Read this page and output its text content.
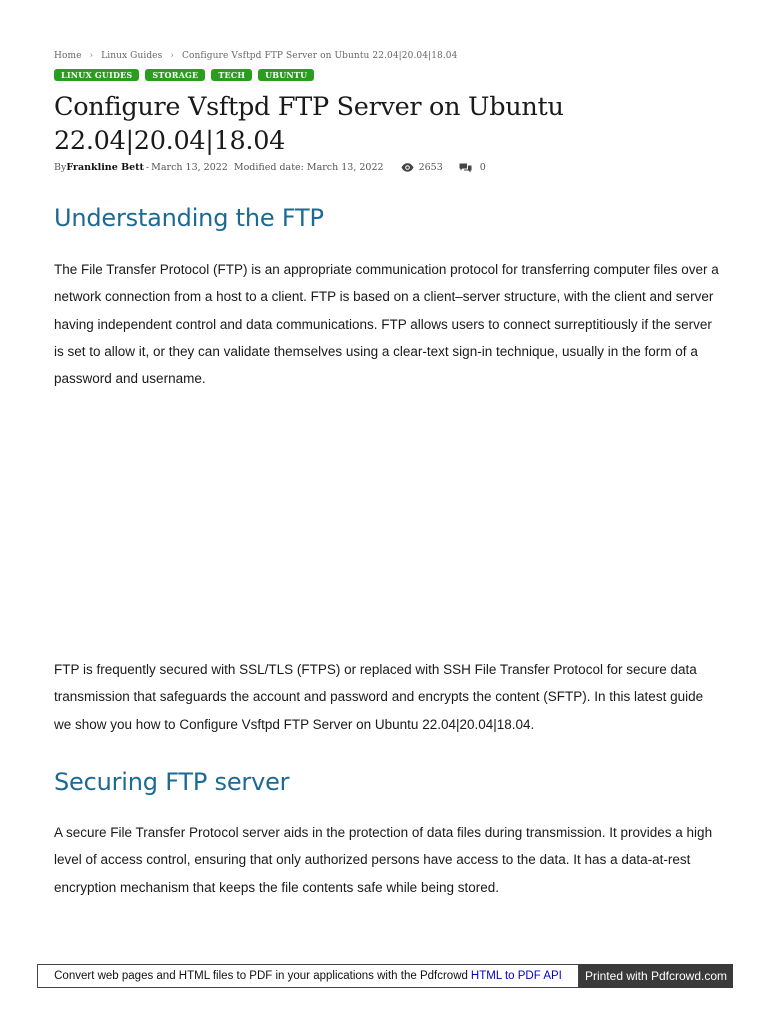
Home › Linux Guides › Configure Vsftpd FTP Server on Ubuntu 22.04|20.04|18.04
LINUX GUIDES	STORAGE	TECH	UBUNTU
Configure Vsftpd FTP Server on Ubuntu 22.04|20.04|18.04
By Frankline Bett - March 13, 2022 Modified date: March 13, 2022	2653	0
Understanding the FTP

The File Transfer Protocol (FTP) is an appropriate communication protocol for transferring computer files over a network connection from a host to a client. FTP is based on a client–server structure, with the client and server having independent control and data communications. FTP allows users to connect surreptitiously if the server is set to allow it, or they can validate themselves using a clear-text sign-in technique, usually in the form of a password and username.

FTP is frequently secured with SSL/TLS (FTPS) or replaced with SSH File Transfer Protocol for secure data transmission that safeguards the account and password and encrypts the content (SFTP). In this latest guide we show you how to Configure Vsftpd FTP Server on Ubuntu 22.04|20.04|18.04.

Securing FTP server

A secure File Transfer Protocol server aids in the protection of data files during transmission. It provides a high level of access control, ensuring that only authorized persons have access to the data. It has a data-at-rest encryption mechanism that keeps the file contents safe while being stored.

Convert web pages and HTML files to PDF in your applications with the Pdfcrowd HTML to PDF API	Printed with Pdfcrowd.com
